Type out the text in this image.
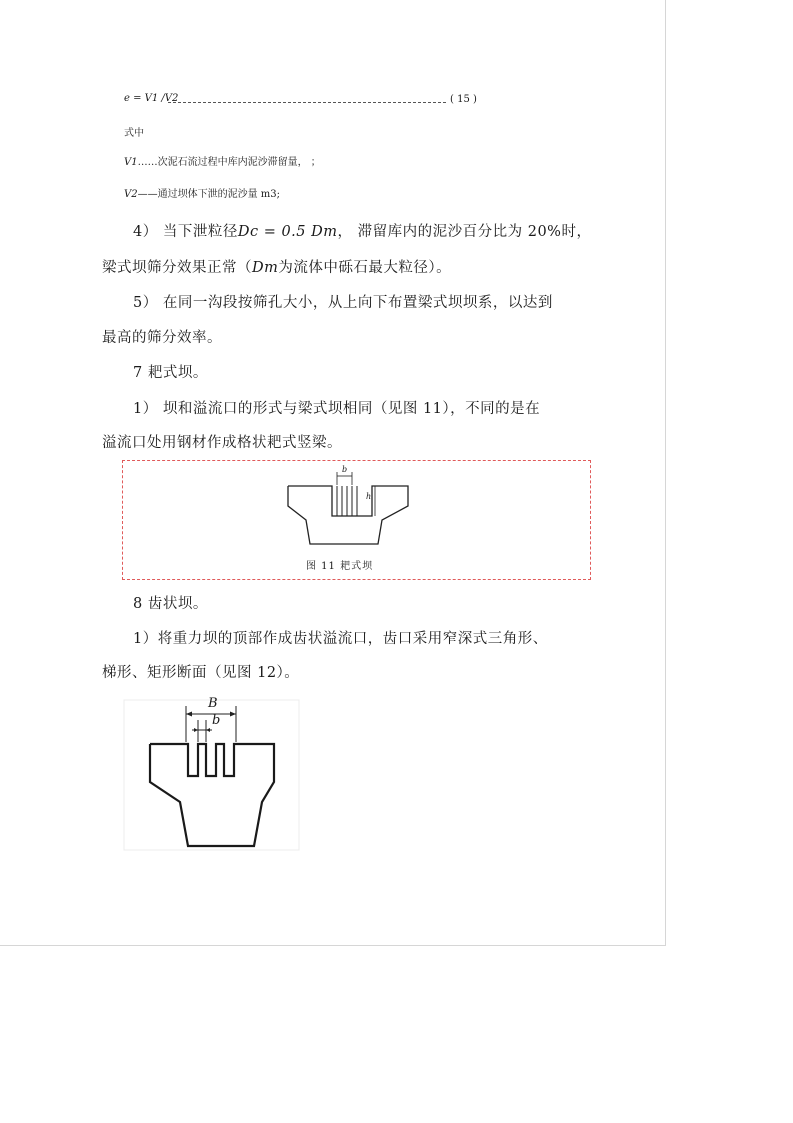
e = V1 /V2	( 15 )
式中
V1……次泥石流过程中库内泥沙滞留量， ；
V2——通过坝体下泄的泥沙量 m3;
4） 当下泄粒径Dc = 0.5 Dm， 滞留库内的泥沙百分比为 20%时，
梁式坝筛分效果正常（Dm为流体中砾石最大粒径）。
5） 在同一沟段按筛孔大小，从上向下布置梁式坝坝系，以达到
最高的筛分效率。
7 耙式坝。
1） 坝和溢流口的形式与梁式坝相同（见图 11），不同的是在
溢流口处用钢材作成格状耙式竖梁。
b
h
图 11 耙式坝
8 齿状坝。
1）将重力坝的顶部作成齿状溢流口，齿口采用窄深式三角形、
梯形、矩形断面（见图 12）。
B
b
